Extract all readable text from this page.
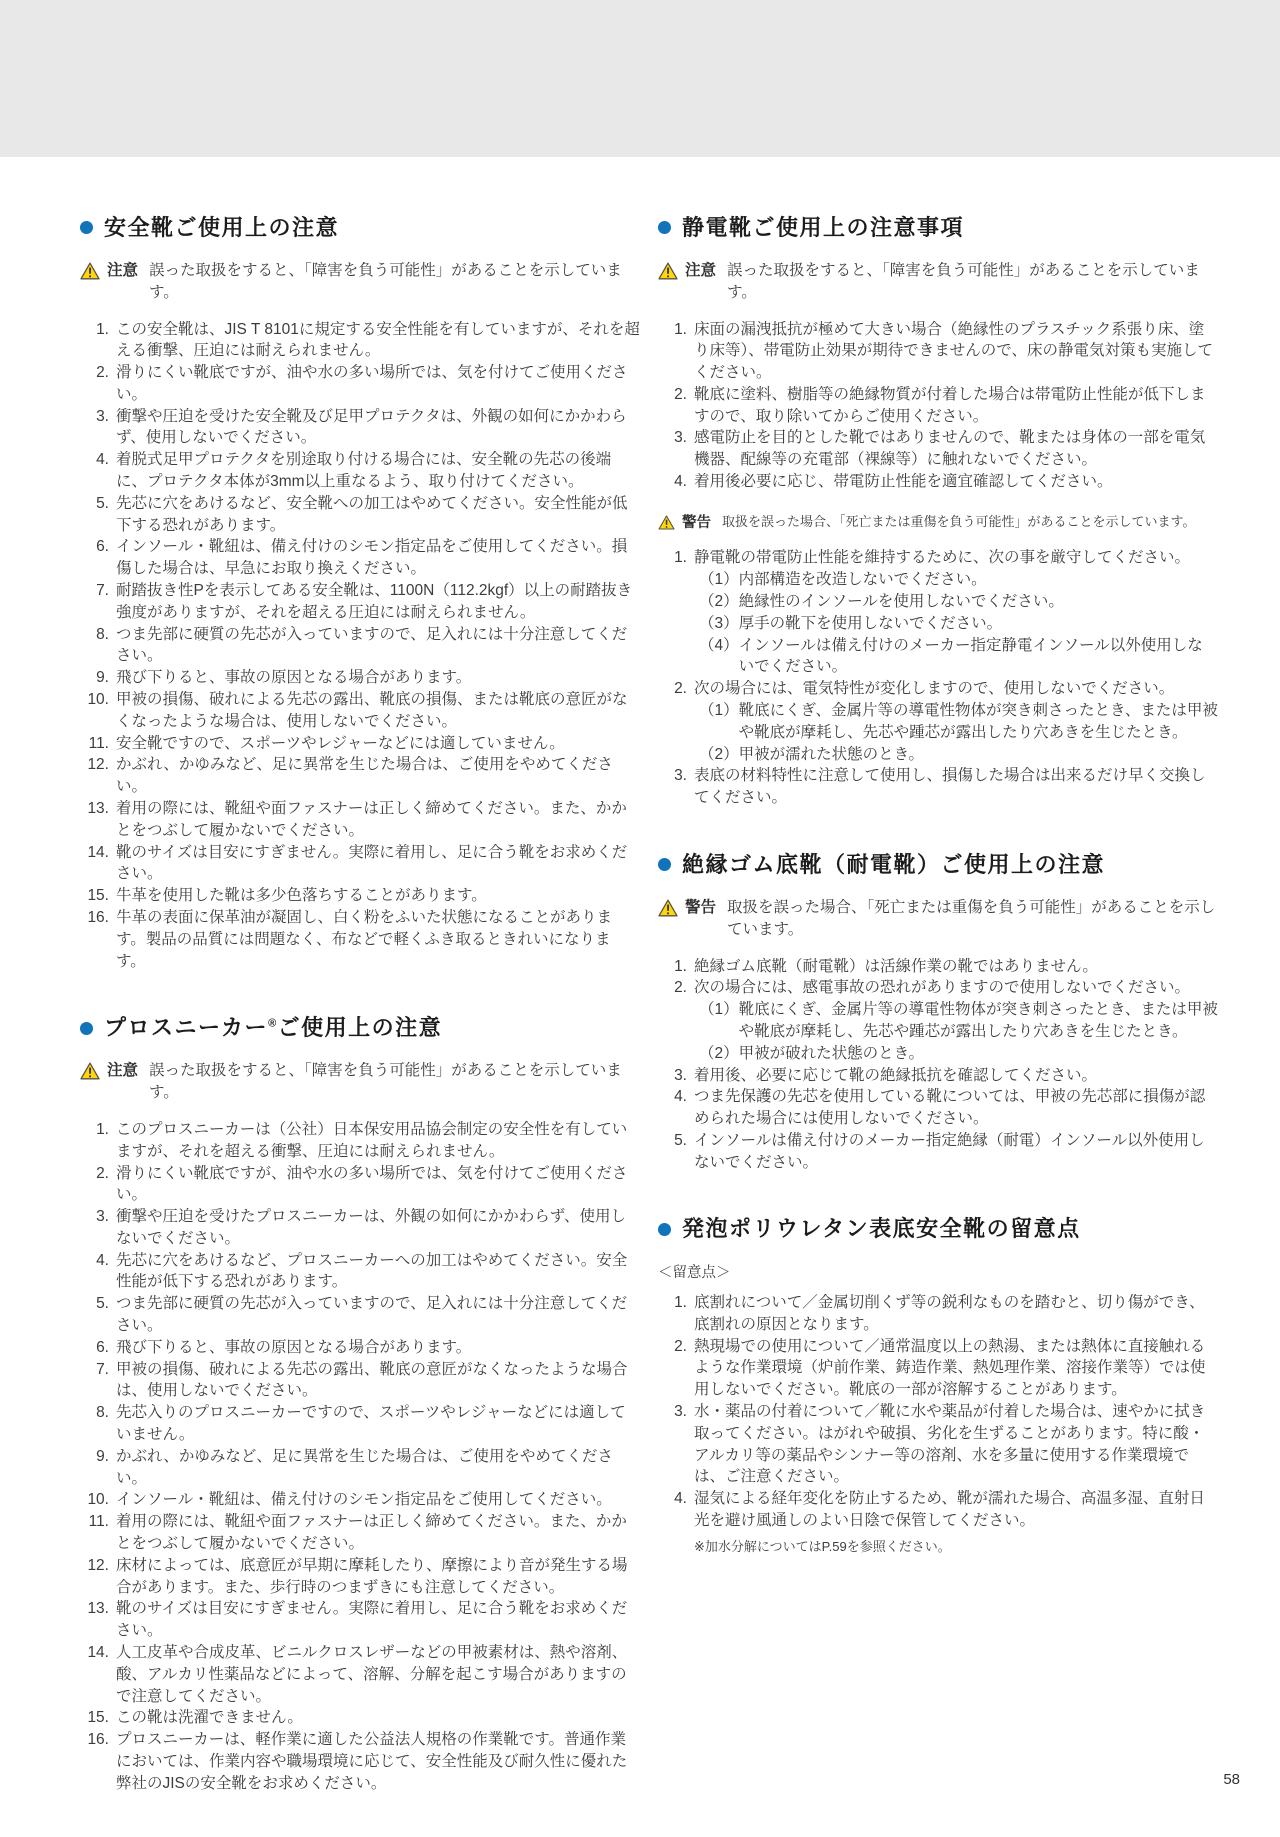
安全靴ご使用上の注意
注意 誤った取扱をすると、「障害を負う可能性」があることを示しています。
1. この安全靴は、JIS T 8101に規定する安全性能を有していますが、それを超える衝撃、圧迫には耐えられません。
2. 滑りにくい靴底ですが、油や水の多い場所では、気を付けてご使用ください。
3. 衝撃や圧迫を受けた安全靴及び足甲プロテクタは、外観の如何にかかわらず、使用しないでください。
4. 着脱式足甲プロテクタを別途取り付ける場合には、安全靴の先芯の後端に、プロテクタ本体が3mm以上重なるよう、取り付けてください。
5. 先芯に穴をあけるなど、安全靴への加工はやめてください。安全性能が低下する恐れがあります。
6. インソール・靴紐は、備え付けのシモン指定品をご使用してください。損傷した場合は、早急にお取り換えください。
7. 耐踏抜き性Pを表示してある安全靴は、1100N（112.2kgf）以上の耐踏抜き強度がありますが、それを超える圧迫には耐えられません。
8. つま先部に硬質の先芯が入っていますので、足入れには十分注意してください。
9. 飛び下りると、事故の原因となる場合があります。
10. 甲被の損傷、破れによる先芯の露出、靴底の損傷、または靴底の意匠がなくなったような場合は、使用しないでください。
11. 安全靴ですので、スポーツやレジャーなどには適していません。
12. かぶれ、かゆみなど、足に異常を生じた場合は、ご使用をやめてください。
13. 着用の際には、靴紐や面ファスナーは正しく締めてください。また、かかとをつぶして履かないでください。
14. 靴のサイズは目安にすぎません。実際に着用し、足に合う靴をお求めください。
15. 牛革を使用した靴は多少色落ちすることがあります。
16. 牛革の表面に保革油が凝固し、白く粉をふいた状態になることがあります。製品の品質には問題なく、布などで軽くふき取るときれいになります。
プロスニーカー®ご使用上の注意
注意 誤った取扱をすると、「障害を負う可能性」があることを示しています。
1. このプロスニーカーは（公社）日本保安用品協会制定の安全性を有していますが、それを超える衝撃、圧迫には耐えられません。
2. 滑りにくい靴底ですが、油や水の多い場所では、気を付けてご使用ください。
3. 衝撃や圧迫を受けたプロスニーカーは、外観の如何にかかわらず、使用しないでください。
4. 先芯に穴をあけるなど、プロスニーカーへの加工はやめてください。安全性能が低下する恐れがあります。
5. つま先部に硬質の先芯が入っていますので、足入れには十分注意してください。
6. 飛び下りると、事故の原因となる場合があります。
7. 甲被の損傷、破れによる先芯の露出、靴底の意匠がなくなったような場合は、使用しないでください。
8. 先芯入りのプロスニーカーですので、スポーツやレジャーなどには適していません。
9. かぶれ、かゆみなど、足に異常を生じた場合は、ご使用をやめてください。
10. インソール・靴紐は、備え付けのシモン指定品をご使用してください。
11. 着用の際には、靴紐や面ファスナーは正しく締めてください。また、かかとをつぶして履かないでください。
12. 床材によっては、底意匠が早期に摩耗したり、摩擦により音が発生する場合があります。また、歩行時のつまずきにも注意してください。
13. 靴のサイズは目安にすぎません。実際に着用し、足に合う靴をお求めください。
14. 人工皮革や合成皮革、ビニルクロスレザーなどの甲被素材は、熱や溶剤、酸、アルカリ性薬品などによって、溶解、分解を起こす場合がありますので注意してください。
15. この靴は洗濯できません。
16. プロスニーカーは、軽作業に適した公益法人規格の作業靴です。普通作業においては、作業内容や職場環境に応じて、安全性能及び耐久性に優れた弊社のJISの安全靴をお求めください。
静電靴ご使用上の注意事項
注意 誤った取扱をすると、「障害を負う可能性」があることを示しています。
1. 床面の漏洩抵抗が極めて大きい場合（絶縁性のプラスチック系張り床、塗り床等）、帯電防止効果が期待できませんので、床の静電気対策も実施してください。
2. 靴底に塗料、樹脂等の絶縁物質が付着した場合は帯電防止性能が低下しますので、取り除いてからご使用ください。
3. 感電防止を目的とした靴ではありませんので、靴または身体の一部を電気機器、配線等の充電部（裸線等）に触れないでください。
4. 着用後必要に応じ、帯電防止性能を適宜確認してください。
警告 取扱を誤った場合、「死亡または重傷を負う可能性」があることを示しています。
1. 静電靴の帯電防止性能を維持するために、次の事を厳守してください。
（1） 内部構造を改造しないでください。
（2） 絶縁性のインソールを使用しないでください。
（3） 厚手の靴下を使用しないでください。
（4） インソールは備え付けのメーカー指定静電インソール以外使用しないでください。
2. 次の場合には、電気特性が変化しますので、使用しないでください。
（1） 靴底にくぎ、金属片等の導電性物体が突き刺さったとき、または甲被や靴底が摩耗し、先芯や踵芯が露出したり穴あきを生じたとき。
（2） 甲被が濡れた状態のとき。
3. 表底の材料特性に注意して使用し、損傷した場合は出来るだけ早く交換してください。
絶縁ゴム底靴（耐電靴）ご使用上の注意
警告 取扱を誤った場合、「死亡または重傷を負う可能性」があることを示しています。
1. 絶縁ゴム底靴（耐電靴）は活線作業の靴ではありません。
2. 次の場合には、感電事故の恐れがありますので使用しないでください。
（1） 靴底にくぎ、金属片等の導電性物体が突き刺さったとき、または甲被や靴底が摩耗し、先芯や踵芯が露出したり穴あきを生じたとき。
（2） 甲被が破れた状態のとき。
3. 着用後、必要に応じて靴の絶縁抵抗を確認してください。
4. つま先保護の先芯を使用している靴については、甲被の先芯部に損傷が認められた場合には使用しないでください。
5. インソールは備え付けのメーカー指定絶縁（耐電）インソール以外使用しないでください。
発泡ポリウレタン表底安全靴の留意点
＜留意点＞
1. 底割れについて／金属切削くず等の鋭利なものを踏むと、切り傷ができ、底割れの原因となります。
2. 熱現場での使用について／通常温度以上の熱湯、または熱体に直接触れるような作業環境（炉前作業、鋳造作業、熱処理作業、溶接作業等）では使用しないでください。靴底の一部が溶解することがあります。
3. 水・薬品の付着について／靴に水や薬品が付着した場合は、速やかに拭き取ってください。はがれや破損、劣化を生ずることがあります。特に酸・アルカリ等の薬品やシンナー等の溶剤、水を多量に使用する作業環境では、ご注意ください。
4. 湿気による経年変化を防止するため、靴が濡れた場合、高温多湿、直射日光を避け風通しのよい日陰で保管してください。
※加水分解についてはP.59を参照ください。
58
